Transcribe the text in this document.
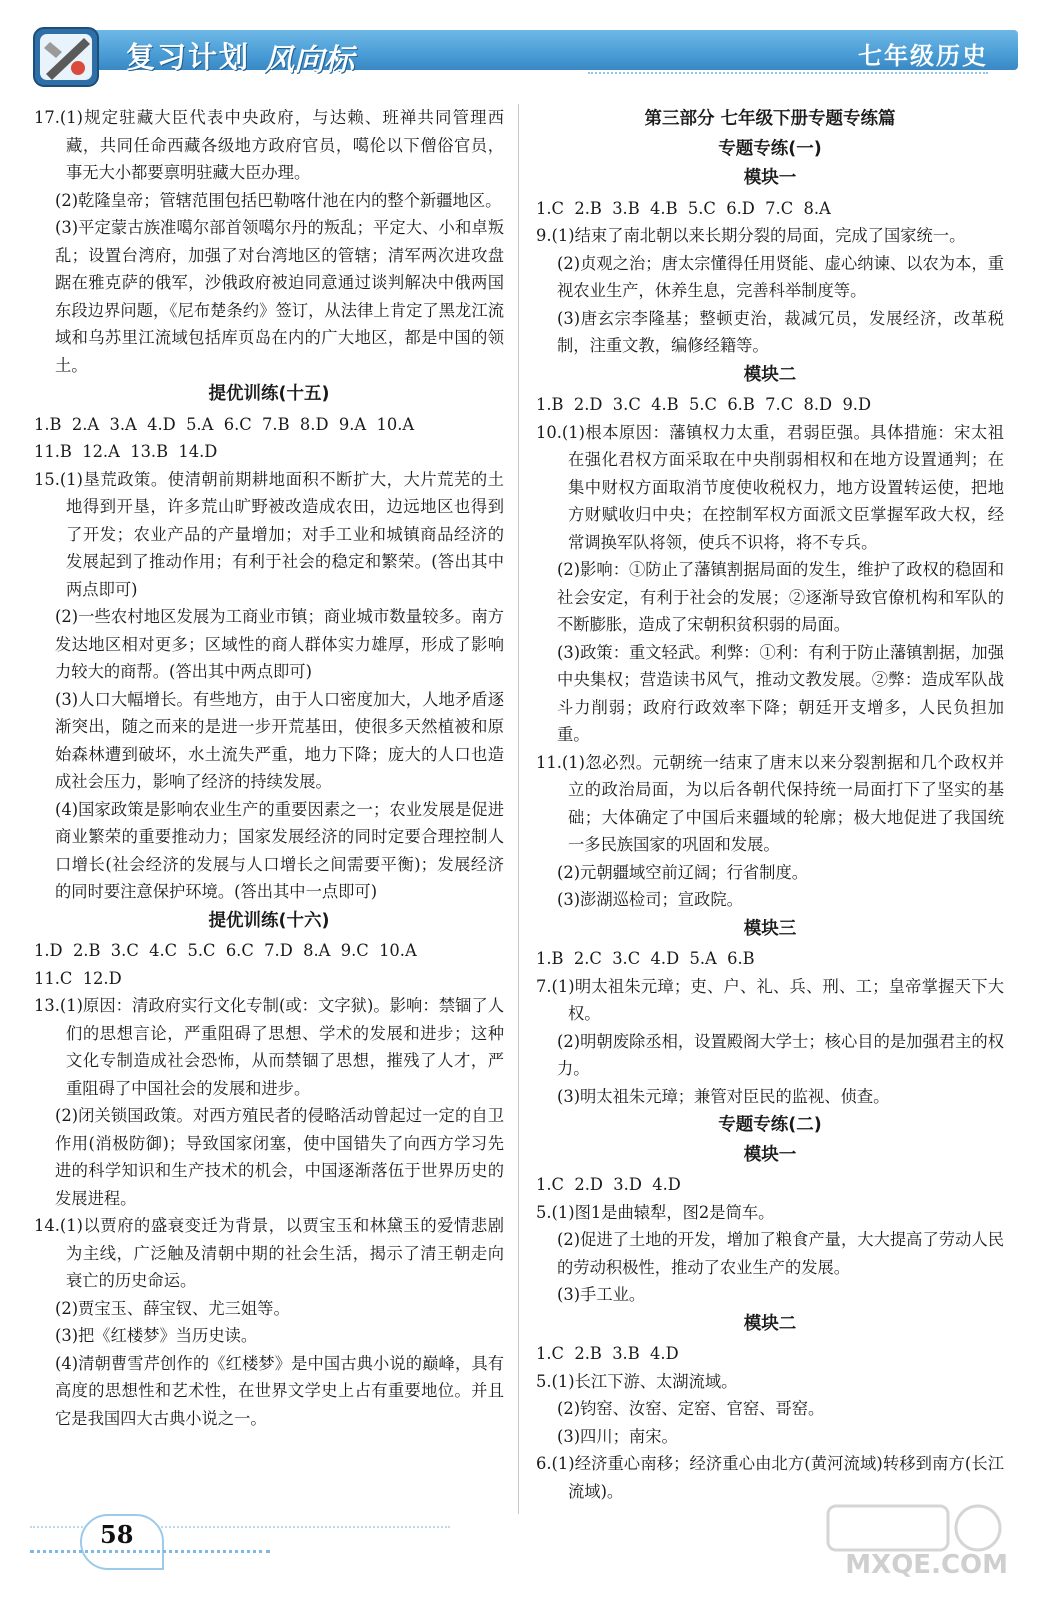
复习计划 风向标	七年级历史

17.(1)规定驻藏大臣代表中央政府，与达赖、班禅共同管理西藏，共同任命西藏各级地方政府官员，噶伦以下僧俗官员，事无大小都要禀明驻藏大臣办理。

(2)乾隆皇帝；管辖范围包括巴勒喀什池在内的整个新疆地区。

(3)平定蒙古族准噶尔部首领噶尔丹的叛乱；平定大、小和卓叛乱；设置台湾府，加强了对台湾地区的管辖；清军两次进攻盘踞在雅克萨的俄军，沙俄政府被迫同意通过谈判解决中俄两国东段边界问题，《尼布楚条约》签订，从法律上肯定了黑龙江流域和乌苏里江流域包括库页岛在内的广大地区，都是中国的领土。

提优训练(十五)

1.B  2.A  3.A  4.D  5.A  6.C  7.B  8.D  9.A  10.A

11.B  12.A  13.B  14.D

15.(1)垦荒政策。使清朝前期耕地面积不断扩大，大片荒芜的土地得到开垦，许多荒山旷野被改造成农田，边远地区也得到了开发；农业产品的产量增加；对手工业和城镇商品经济的发展起到了推动作用；有利于社会的稳定和繁荣。(答出其中两点即可)

(2)一些农村地区发展为工商业市镇；商业城市数量较多。南方发达地区相对更多；区域性的商人群体实力雄厚，形成了影响力较大的商帮。(答出其中两点即可)

(3)人口大幅增长。有些地方，由于人口密度加大，人地矛盾逐渐突出，随之而来的是进一步开荒基田，使很多天然植被和原始森林遭到破坏，水土流失严重，地力下降；庞大的人口也造成社会压力，影响了经济的持续发展。

(4)国家政策是影响农业生产的重要因素之一；农业发展是促进商业繁荣的重要推动力；国家发展经济的同时定要合理控制人口增长(社会经济的发展与人口增长之间需要平衡)；发展经济的同时要注意保护环境。(答出其中一点即可)

提优训练(十六)

1.D  2.B  3.C  4.C  5.C  6.C  7.D  8.A  9.C  10.A

11.C  12.D

13.(1)原因：清政府实行文化专制(或：文字狱)。影响：禁锢了人们的思想言论，严重阻碍了思想、学术的发展和进步；这种文化专制造成社会恐怖，从而禁锢了思想，摧残了人才，严重阻碍了中国社会的发展和进步。

(2)闭关锁国政策。对西方殖民者的侵略活动曾起过一定的自卫作用(消极防御)；导致国家闭塞，使中国错失了向西方学习先进的科学知识和生产技术的机会，中国逐渐落伍于世界历史的发展进程。

14.(1)以贾府的盛衰变迁为背景，以贾宝玉和林黛玉的爱情悲剧为主线，广泛触及清朝中期的社会生活，揭示了清王朝走向衰亡的历史命运。

(2)贾宝玉、薛宝钗、尤三姐等。

(3)把《红楼梦》当历史读。

(4)清朝曹雪芹创作的《红楼梦》是中国古典小说的巅峰，具有高度的思想性和艺术性，在世界文学史上占有重要地位。并且它是我国四大古典小说之一。

第三部分 七年级下册专题专练篇

专题专练(一)

模块一

1.C  2.B  3.B  4.B  5.C  6.D  7.C  8.A

9.(1)结束了南北朝以来长期分裂的局面，完成了国家统一。

(2)贞观之治；唐太宗懂得任用贤能、虚心纳谏、以农为本，重视农业生产，休养生息，完善科举制度等。

(3)唐玄宗李隆基；整顿吏治，裁减冗员，发展经济，改革税制，注重文教，编修经籍等。

模块二

1.B  2.D  3.C  4.B  5.C  6.B  7.C  8.D  9.D

10.(1)根本原因：藩镇权力太重，君弱臣强。具体措施：宋太祖在强化君权方面采取在中央削弱相权和在地方设置通判；在集中财权方面取消节度使收税权力，地方设置转运使，把地方财赋收归中央；在控制军权方面派文臣掌握军政大权，经常调换军队将领，使兵不识将，将不专兵。

(2)影响：①防止了藩镇割据局面的发生，维护了政权的稳固和社会安定，有利于社会的发展；②逐渐导致官僚机构和军队的不断膨胀，造成了宋朝积贫积弱的局面。

(3)政策：重文轻武。利弊：①利：有利于防止藩镇割据，加强中央集权；营造读书风气，推动文教发展。②弊：造成军队战斗力削弱；政府行政效率下降；朝廷开支增多，人民负担加重。

11.(1)忽必烈。元朝统一结束了唐末以来分裂割据和几个政权并立的政治局面，为以后各朝代保持统一局面打下了坚实的基础；大体确定了中国后来疆域的轮廓；极大地促进了我国统一多民族国家的巩固和发展。

(2)元朝疆域空前辽阔；行省制度。

(3)澎湖巡检司；宣政院。

模块三

1.B  2.C  3.C  4.D  5.A  6.B

7.(1)明太祖朱元璋；吏、户、礼、兵、刑、工；皇帝掌握天下大权。

(2)明朝废除丞相，设置殿阁大学士；核心目的是加强君主的权力。

(3)明太祖朱元璋；兼管对臣民的监视、侦查。

专题专练(二)

模块一

1.C  2.D  3.D  4.D

5.(1)图1是曲辕犁，图2是筒车。

(2)促进了土地的开发，增加了粮食产量，大大提高了劳动人民的劳动积极性，推动了农业生产的发展。

(3)手工业。

模块二

1.C  2.B  3.B  4.D

5.(1)长江下游、太湖流域。

(2)钧窑、汝窑、定窑、官窑、哥窑。

(3)四川；南宋。

6.(1)经济重心南移；经济重心由北方(黄河流域)转移到南方(长江流域)。

58
MXQE.COM
